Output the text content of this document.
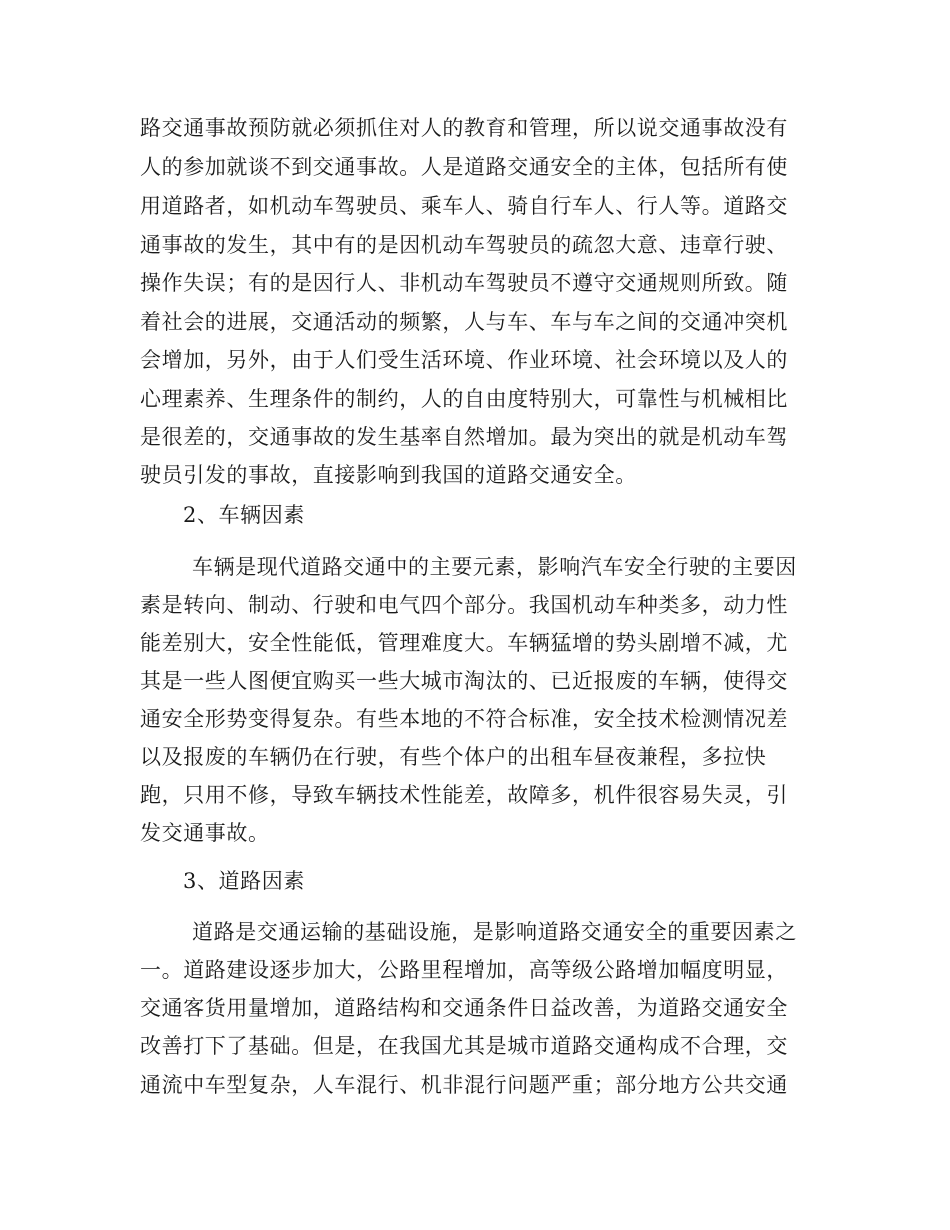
路交通事故预防就必须抓住对人的教育和管理，所以说交通事故没有
人的参加就谈不到交通事故。人是道路交通安全的主体，包括所有使
用道路者，如机动车驾驶员、乘车人、骑自行车人、行人等。道路交
通事故的发生，其中有的是因机动车驾驶员的疏忽大意、违章行驶、
操作失误；有的是因行人、非机动车驾驶员不遵守交通规则所致。随
着社会的进展，交通活动的频繁，人与车、车与车之间的交通冲突机
会增加，另外，由于人们受生活环境、作业环境、社会环境以及人的
心理素养、生理条件的制约，人的自由度特别大，可靠性与机械相比
是很差的，交通事故的发生基率自然增加。最为突出的就是机动车驾
驶员引发的事故，直接影响到我国的道路交通安全。
2、车辆因素
车辆是现代道路交通中的主要元素，影响汽车安全行驶的主要因
素是转向、制动、行驶和电气四个部分。我国机动车种类多，动力性
能差别大，安全性能低，管理难度大。车辆猛增的势头剧增不减，尤
其是一些人图便宜购买一些大城市淘汰的、已近报废的车辆，使得交
通安全形势变得复杂。有些本地的不符合标准，安全技术检测情况差
以及报废的车辆仍在行驶，有些个体户的出租车昼夜兼程，多拉快
跑，只用不修，导致车辆技术性能差，故障多，机件很容易失灵，引
发交通事故。
3、道路因素
道路是交通运输的基础设施，是影响道路交通安全的重要因素之
一。道路建设逐步加大，公路里程增加，高等级公路增加幅度明显，
交通客货用量增加，道路结构和交通条件日益改善，为道路交通安全
改善打下了基础。但是，在我国尤其是城市道路交通构成不合理，交
通流中车型复杂，人车混行、机非混行问题严重；部分地方公共交通
